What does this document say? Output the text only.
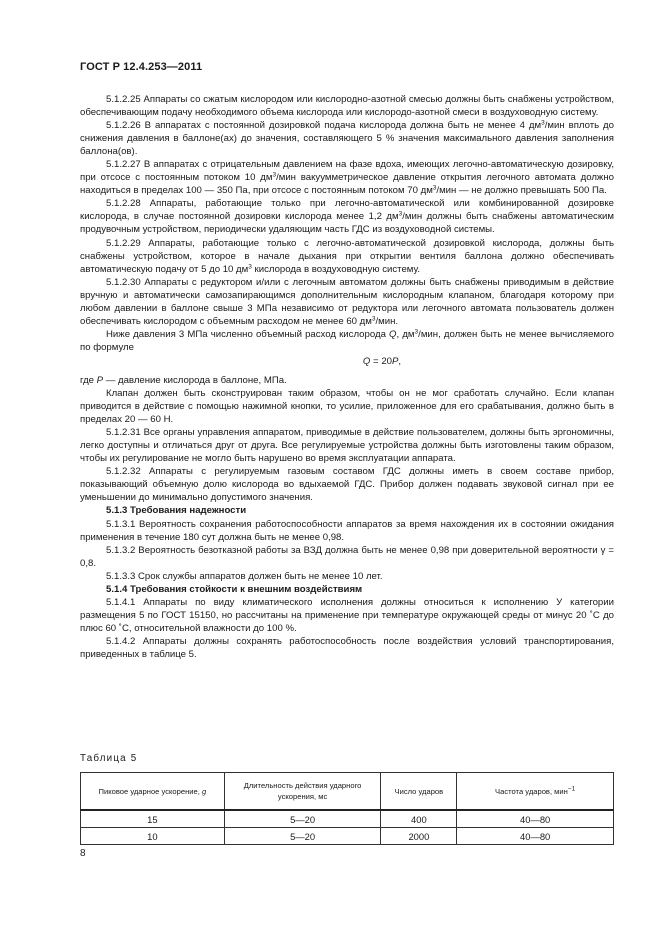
ГОСТ Р 12.4.253—2011

5.1.2.25 Аппараты со сжатым кислородом или кислородно-азотной смесью должны быть снабжены устройством, обеспечивающим подачу необходимого объема кислорода или кислородо-азотной смеси в воздуховодную систему.

5.1.2.26 В аппаратах с постоянной дозировкой подача кислорода должна быть не менее 4 $дм^3$/мин вплоть до снижения давления в баллоне(ах) до значения, составляющего 5 % значения максимального давления заполнения баллона(ов).

5.1.2.27 В аппаратах с отрицательным давлением на фазе вдоха, имеющих легочно-автоматическую дозировку, при отсосе с постоянным потоком 10 $дм^3$/мин вакуумметрическое давление открытия легочного автомата должно находиться в пределах 100 — 350 Па, при отсосе с постоянным потоком 70 $дм^3$/мин — не должно превышать 500 Па.

5.1.2.28 Аппараты, работающие только при легочно-автоматической или комбинированной дозировке кислорода, в случае постоянной дозировки кислорода менее 1,2 $дм^3$/мин должны быть снабжены автоматическим продувочным устройством, периодически удаляющим часть ГДС из воздуховодной системы.

5.1.2.29 Аппараты, работающие только с легочно-автоматической дозировкой кислорода, должны быть снабжены устройством, которое в начале дыхания при открытии вентиля баллона должно обеспечивать автоматическую подачу от 5 до 10 $дм^3$ кислорода в воздуховодную систему.

5.1.2.30 Аппараты с редуктором и/или с легочным автоматом должны быть снабжены приводимым в действие вручную и автоматически самозапирающимся дополнительным кислородным клапаном, благодаря которому при любом давлении в баллоне свыше 3 МПа независимо от редуктора или легочного автомата пользователь должен обеспечивать кислородом с объемным расходом не менее 60 $дм^3$/мин.

Ниже давления 3 МПа численно объемный расход кислорода Q, $дм^3$/мин, должен быть не менее вычисляемого по формуле

Q = 20P,

где P — давление кислорода в баллоне, МПа.

Клапан должен быть сконструирован таким образом, чтобы он не мог сработать случайно. Если клапан приводится в действие с помощью нажимной кнопки, то усилие, приложенное для его срабатывания, должно быть в пределах 20 — 60 Н.

5.1.2.31 Все органы управления аппаратом, приводимые в действие пользователем, должны быть эргономичны, легко доступны и отличаться друг от друга. Все регулируемые устройства должны быть изготовлены таким образом, чтобы их регулирование не могло быть нарушено во время эксплуатации аппарата.

5.1.2.32 Аппараты с регулируемым газовым составом ГДС должны иметь в своем составе прибор, показывающий объемную долю кислорода во вдыхаемой ГДС. Прибор должен подавать звуковой сигнал при ее уменьшении до минимально допустимого значения.

5.1.3 Требования надежности

5.1.3.1 Вероятность сохранения работоспособности аппаратов за время нахождения их в состоянии ожидания применения в течение 180 сут должна быть не менее 0,98.

5.1.3.2 Вероятность безотказной работы за ВЗД должна быть не менее 0,98 при доверительной вероятности γ = 0,8.

5.1.3.3 Срок службы аппаратов должен быть не менее 10 лет.

5.1.4 Требования стойкости к внешним воздействиям

5.1.4.1 Аппараты по виду климатического исполнения должны относиться к исполнению У категории размещения 5 по ГОСТ 15150, но рассчитаны на применение при температуре окружающей среды от минус 20 ˚С до плюс 60 ˚С, относительной влажности до 100 %.

5.1.4.2 Аппараты должны сохранять работоспособность после воздействия условий транспортирования, приведенных в таблице 5.

Таблица 5
Пиковое ударное ускорение, g	Длительность действия ударного ускорения, мс	Число ударов	Частота ударов, мин$^{-1}$
15	5—20	400	40—80
10	5—20	2000	40—80
8
